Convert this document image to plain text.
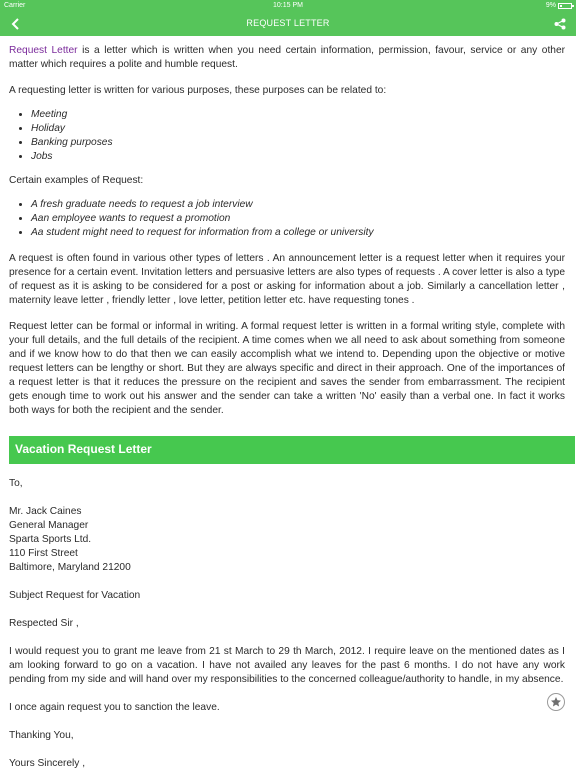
Carrier	10:15 PM	9%
REQUEST LETTER

Request Letter is a letter which is written when you need certain information, permission, favour, service or any other matter which requires a polite and humble request.

A requesting letter is written for various purposes, these purposes can be related to:

• Meeting
• Holiday
• Banking purposes
• Jobs

Certain examples of Request:

• A fresh graduate needs to request a job interview
• Aan employee wants to request a promotion
• Aa student might need to request for information from a college or university

A request is often found in various other types of letters . An announcement letter is a request letter when it requires your presence for a certain event. Invitation letters and persuasive letters are also types of requests . A cover letter is also a type of request as it is asking to be considered for a post or asking for information about a job. Similarly a cancellation letter , maternity leave letter , friendly letter , love letter, petition letter etc. have requesting tones .

Request letter can be formal or informal in writing. A formal request letter is written in a formal writing style, complete with your full details, and the full details of the recipient. A time comes when we all need to ask about something from someone and if we know how to do that then we can easily accomplish what we intend to. Depending upon the objective or motive request letters can be lengthy or short. But they are always specific and direct in their approach. One of the importances of a request letter is that it reduces the pressure on the recipient and saves the sender from embarrassment. The recipient gets enough time to work out his answer and the sender can take a written 'No' easily than a verbal one. In fact it works both ways for both the recipient and the sender.

Vacation Request Letter

To,

Mr. Jack Caines

General Manager

Sparta Sports Ltd.

110 First Street

Baltimore, Maryland 21200

Subject Request for Vacation

Respected Sir ,

I would request you to grant me leave from 21 st March to 29 th March, 2012. I require leave on the mentioned dates as I am looking forward to go on a vacation. I have not availed any leaves for the past 6 months. I do not have any work pending from my side and will hand over my responsibilities to the concerned colleague/authority to handle, in my absence.

I once again request you to sanction the leave.

Thanking You,

Yours Sincerely ,
